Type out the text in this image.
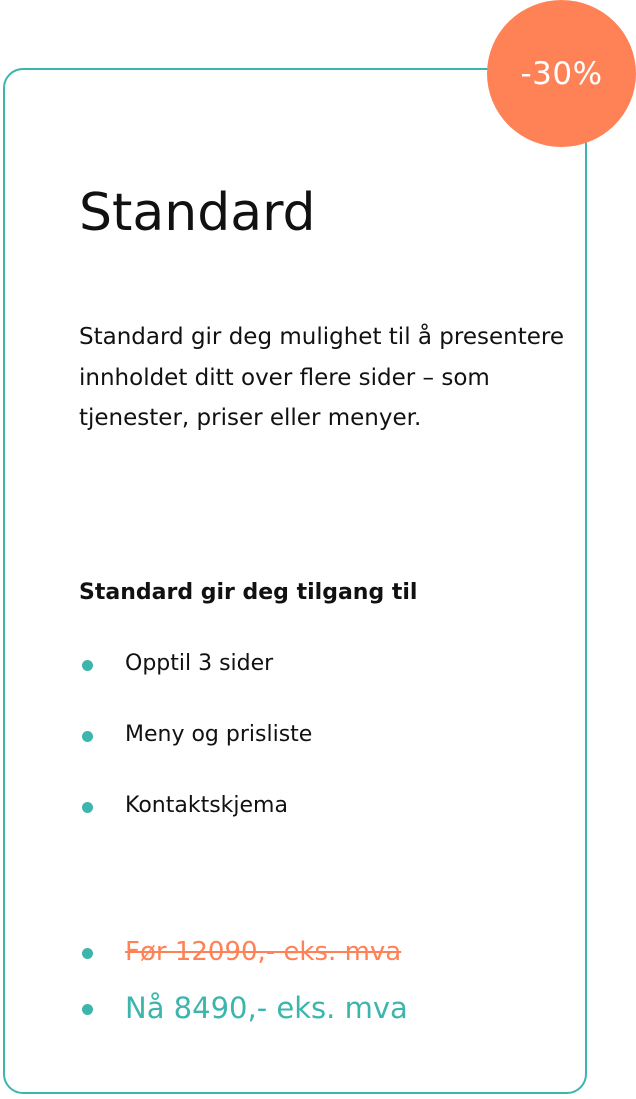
-30%
Standard

Standard gir deg mulighet til å presentere innholdet ditt over flere sider – som tjenester, priser eller menyer.

Standard gir deg tilgang til
Opptil 3 sider
Meny og prisliste
Kontaktskjema
Før 12090,- eks. mva
Nå 8490,- eks. mva
